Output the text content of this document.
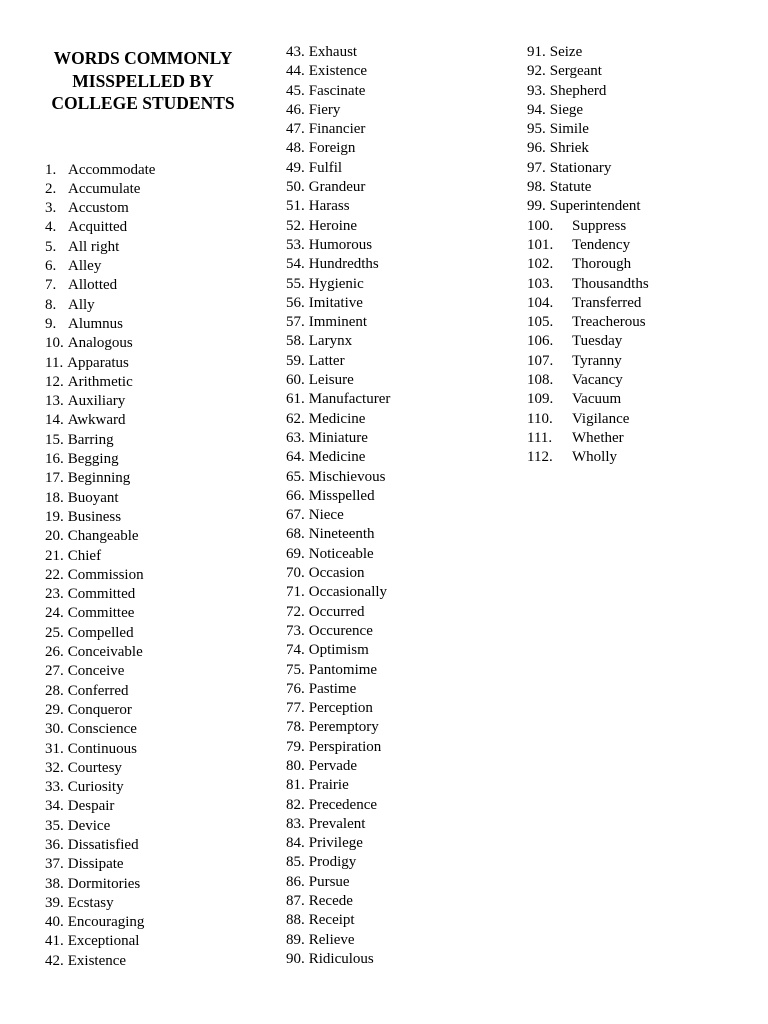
WORDS COMMONLY
MISSPELLED BY
COLLEGE STUDENTS
1. Accommodate
2. Accumulate
3. Accustom
4. Acquitted
5. All right
6. Alley
7. Allotted
8. Ally
9. Alumnus
10. Analogous
11. Apparatus
12. Arithmetic
13. Auxiliary
14. Awkward
15. Barring
16. Begging
17. Beginning
18. Buoyant
19. Business
20. Changeable
21. Chief
22. Commission
23. Committed
24. Committee
25. Compelled
26. Conceivable
27. Conceive
28. Conferred
29. Conqueror
30. Conscience
31. Continuous
32. Courtesy
33. Curiosity
34. Despair
35. Device
36. Dissatisfied
37. Dissipate
38. Dormitories
39. Ecstasy
40. Encouraging
41. Exceptional
42. Existence
43. Exhaust
44. Existence
45. Fascinate
46. Fiery
47. Financier
48. Foreign
49. Fulfil
50. Grandeur
51. Harass
52. Heroine
53. Humorous
54. Hundredths
55. Hygienic
56. Imitative
57. Imminent
58. Larynx
59. Latter
60. Leisure
61. Manufacturer
62. Medicine
63. Miniature
64. Medicine
65. Mischievous
66. Misspelled
67. Niece
68. Nineteenth
69. Noticeable
70. Occasion
71. Occasionally
72. Occurred
73. Occurence
74. Optimism
75. Pantomime
76. Pastime
77. Perception
78. Peremptory
79. Perspiration
80. Pervade
81. Prairie
82. Precedence
83. Prevalent
84. Privilege
85. Prodigy
86. Pursue
87. Recede
88. Receipt
89. Relieve
90. Ridiculous
91. Seize
92. Sergeant
93. Shepherd
94. Siege
95. Simile
96. Shriek
97. Stationary
98. Statute
99. Superintendent
100. Suppress
101. Tendency
102. Thorough
103. Thousandths
104. Transferred
105. Treacherous
106. Tuesday
107. Tyranny
108. Vacancy
109. Vacuum
110. Vigilance
111. Whether
112. Wholly
